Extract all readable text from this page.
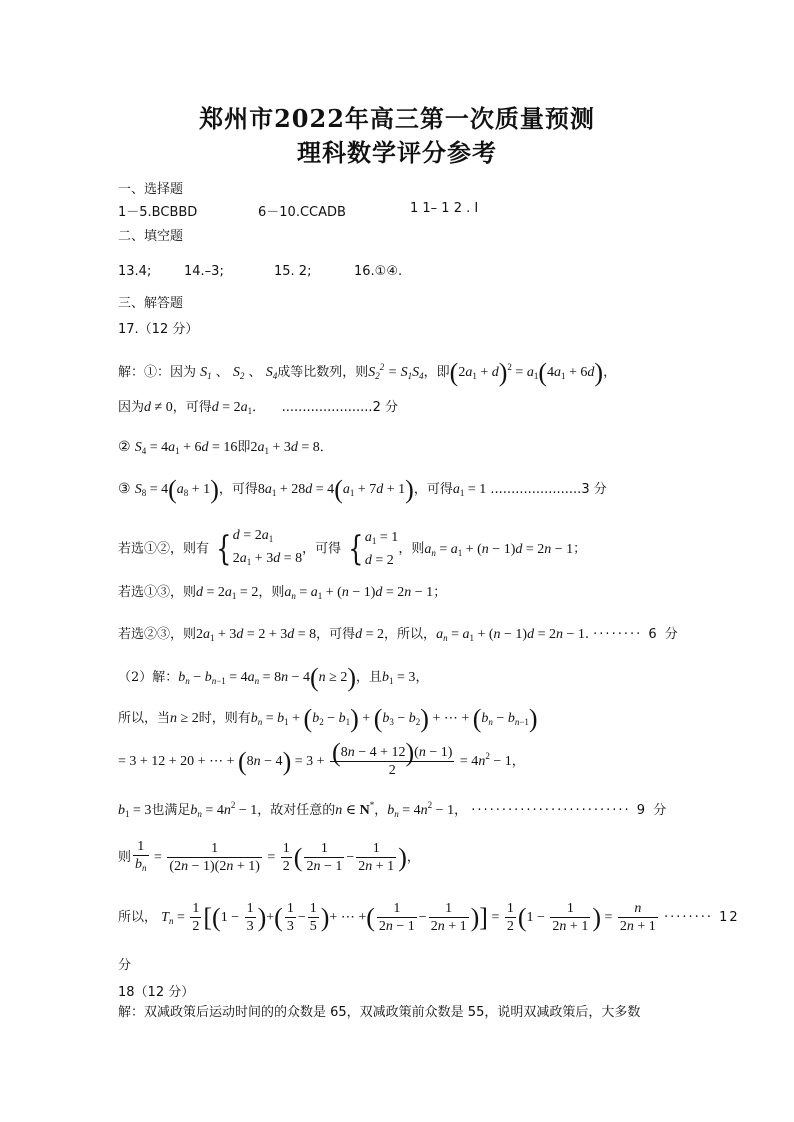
郑州市2022年高三第一次质量预测
理科数学评分参考
一、选择题
1－5.BCBBD	6－10.CCADB	1 1– 1 2 . I
二、填空题
13.4;	14.–3;	15. 2;	16.①④.
三、解答题
17.（12 分）
解：①：因为 $S_1$ 、 $S_2$ 、 $S_4$成等比数列，则$S_2^2 = S_1S_4$，即$(2a_1 + d)^2 = a_1(4a_1 + 6d)$，
因为d ≠ 0，可得$d = 2a_1$．    ......................2 分
② $S_4 = 4a_1 + 6d = 16$即$2a_1 + 3d = 8$．
③ $S_8 = 4(a_8 + 1)$，可得$8a_1 + 28d = 4(a_1 + 7d + 1)$，可得$a_1 = 1$ ......................3 分
若选①②，则有 {$d = 2a_1$
$2a_1 + 3d = 8$，可得 {$a_1 = 1$
d = 2，则$a_n = a_1 + (n - 1)d = 2n - 1$；
若选①③，则$d = 2a_1 = 2$，则$a_n = a_1 + (n - 1)d = 2n - 1$；
若选②③，则$2a_1 + 3d = 2 + 3d = 8$，可得d = 2，所以，$a_n = a_1 + (n - 1)d = 2n - 1$. ········ 6 分
（2）解：$b_n - b_{n-1} = 4a_n = 8n - 4(n \ge 2)$，且$b_1 = 3$，
所以，当n ≥ 2时，则有$b_n = b_1 + (b_2 - b_1) + (b_3 - b_2)$ + ⋯ + $(b_n - b_{n-1})$
= 3 + 12 + 20 + ⋯ + $(8n - 4) = 3 + \frac{(8n - 4 + 12)(n - 1)}{2} = 4n^2 - 1$，
$b_1 = 3$也满足$b_n = 4n^2 - 1$，故对任意的n ∈ N*，$b_n = 4n^2 - 1$， ·························· 9 分
则 $\frac{1}{b_n} = \frac{1}{(2n - 1)(2n + 1)} = \frac{1}{2}$ ( $\frac{1}{2n - 1} - \frac{1}{2n + 1}$ )，
所以， $T_n = \frac{1}{2} [(1 - \frac{1}{3}$ )+( $\frac{1}{3} - \frac{1}{5}$ )+ ⋯ +( $\frac{1}{2n - 1} - \frac{1}{2n + 1}$ )] = $\frac{1}{2} (1 - \frac{1}{2n + 1}$ ) = $\frac{n}{2n + 1}$ ········ 12
分
18（12 分）
解：双减政策后运动时间的的众数是 65，双减政策前众数是 55，说明双减政策后，大多数
